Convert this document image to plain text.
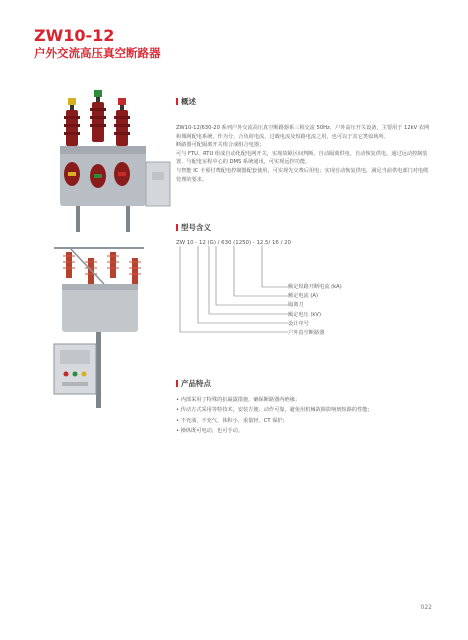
ZW10-12
户外交流高压真空断路器
概述

ZW10-12/630-20 系列户外交流高压真空断路器系三相交流 50Hz，户外高压开关设备，主要用于 12kV 农网和城网配电系统，作为分、合负荷电流、过载电流及短路电流之用，也可以于其它类似场所。

断路器可配隔离开关组合成组合电器；

可与 FTU、RTU 组成自动化配电网开关，实现故障区间判断、自动隔离供电、自动恢复供电。通过远动控制装置，与配电室程中心的 DMS 系统通讯，可实现远控功能。

与智能 IC 卡预付费配电控制器配套使用，可实现先交费后用电；实现自动恢复供电，满足当前供电部门对电缆管理的要求。

型号含义
ZW 10 - 12 (G) / 630 (1250) - 12.5/ 16 / 20
额定短路开断电流 (kA)
额定电流 (A)
隔离刀
额定电压 (kV)
设计序号
户外真空断路器
产品特点
• 内部采用了特殊的抗凝露措施，确保断路器内绝缘；
• 传动方式采用等特技术，安装方便、动作可靠，避免用机械故障影响到短路的性能；
• 不充油、不充气、体积小、重量轻、CT 保护；
• 操纵既可电动，也可手动。
022
